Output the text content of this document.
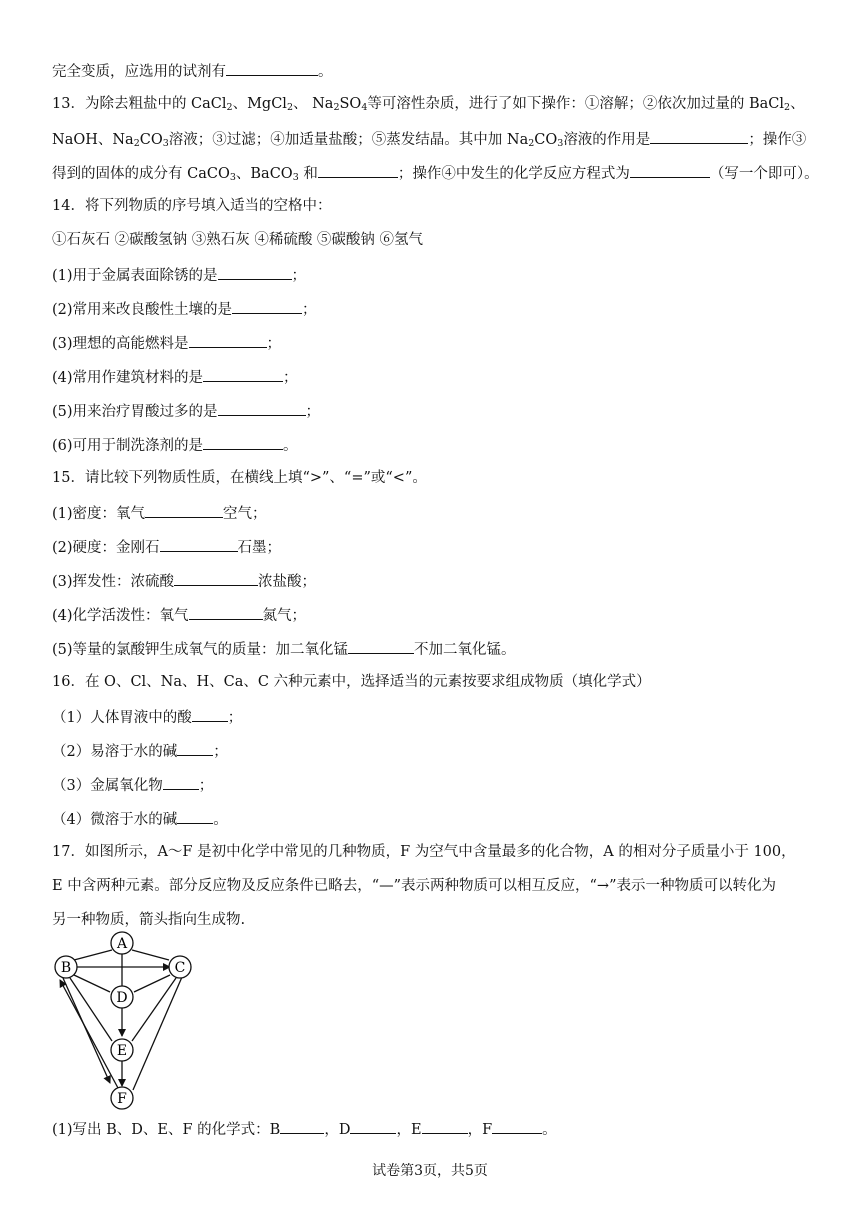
完全变质，应选用的试剂有	。
13．为除去粗盐中的 CaCl$_2$、MgCl$_2$、 $Na_2SO_4$等可溶性杂质，进行了如下操作：①溶解；②依次加过量的 BaCl$_2$、
NaOH、$Na_2CO_3$溶液；③过滤；④加适量盐酸；⑤蒸发结晶。其中加 $Na_2CO_3$溶液的作用是	；操作③
得到的固体的成分有 CaCO$_3$、BaCO$_3$ 和	；操作④中发生的化学反应方程式为	（写一个即可）。
14．将下列物质的序号填入适当的空格中：
①石灰石 ②碳酸氢钠 ③熟石灰 ④稀硫酸 ⑤碳酸钠 ⑥氢气
(1)用于金属表面除锈的是	；
(2)常用来改良酸性土壤的是	；
(3)理想的高能燃料是	；
(4)常用作建筑材料的是	；
(5)用来治疗胃酸过多的是	；
(6)可用于制洗涤剂的是	。
15．请比较下列物质性质，在横线上填“>”、“=”或“<”。
(1)密度：氧气	空气；
(2)硬度：金刚石	石墨；
(3)挥发性：浓硫酸	浓盐酸；
(4)化学活泼性：氧气	氮气；
(5)等量的氯酸钾生成氧气的质量：加二氧化锰	不加二氧化锰。
16．在 O、Cl、Na、H、Ca、C 六种元素中，选择适当的元素按要求组成物质（填化学式）
（1）人体胃液中的酸 ；
（2）易溶于水的碱 ；
（3）金属氧化物 ；
（4）微溶于水的碱 。
17．如图所示，A～F 是初中化学中常见的几种物质，F 为空气中含量最多的化合物，A 的相对分子质量小于 100，
E 中含两种元素。部分反应物及反应条件已略去，“—”表示两种物质可以相互反应，“→”表示一种物质可以转化为
另一种物质，箭头指向生成物.
A
B	C
D
E
F
(1)写出 B、D、E、F 的化学式：B	，D	，E	，F	。
试卷第3页，共5页
